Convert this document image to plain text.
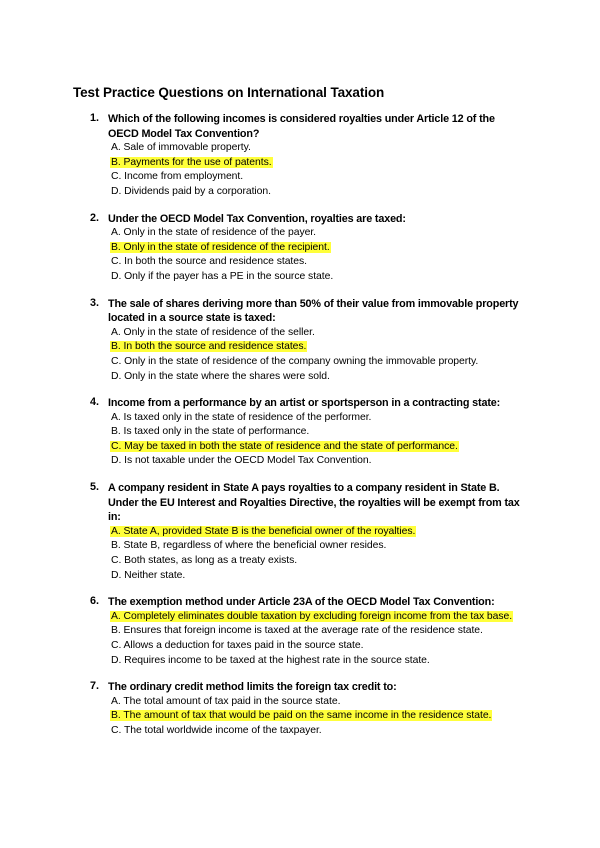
Test Practice Questions on International Taxation
1. Which of the following incomes is considered royalties under Article 12 of the OECD Model Tax Convention?
A. Sale of immovable property.
B. Payments for the use of patents.
C. Income from employment.
D. Dividends paid by a corporation.
2. Under the OECD Model Tax Convention, royalties are taxed:
A. Only in the state of residence of the payer.
B. Only in the state of residence of the recipient.
C. In both the source and residence states.
D. Only if the payer has a PE in the source state.
3. The sale of shares deriving more than 50% of their value from immovable property located in a source state is taxed:
A. Only in the state of residence of the seller.
B. In both the source and residence states.
C. Only in the state of residence of the company owning the immovable property.
D. Only in the state where the shares were sold.
4. Income from a performance by an artist or sportsperson in a contracting state:
A. Is taxed only in the state of residence of the performer.
B. Is taxed only in the state of performance.
C. May be taxed in both the state of residence and the state of performance.
D. Is not taxable under the OECD Model Tax Convention.
5. A company resident in State A pays royalties to a company resident in State B. Under the EU Interest and Royalties Directive, the royalties will be exempt from tax in:
A. State A, provided State B is the beneficial owner of the royalties.
B. State B, regardless of where the beneficial owner resides.
C. Both states, as long as a treaty exists.
D. Neither state.
6. The exemption method under Article 23A of the OECD Model Tax Convention:
A. Completely eliminates double taxation by excluding foreign income from the tax base.
B. Ensures that foreign income is taxed at the average rate of the residence state.
C. Allows a deduction for taxes paid in the source state.
D. Requires income to be taxed at the highest rate in the source state.
7. The ordinary credit method limits the foreign tax credit to:
A. The total amount of tax paid in the source state.
B. The amount of tax that would be paid on the same income in the residence state.
C. The total worldwide income of the taxpayer.
